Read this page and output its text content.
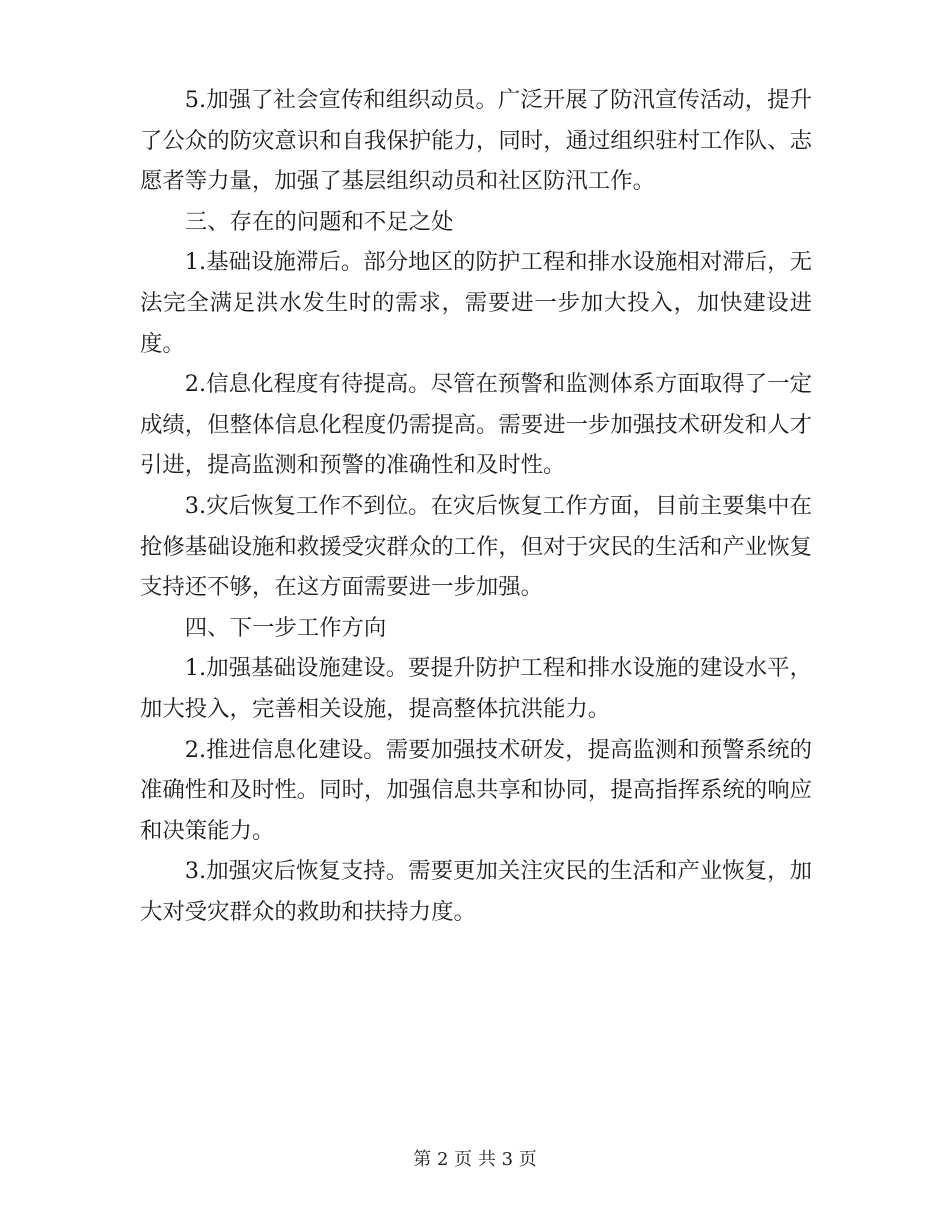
5.加强了社会宣传和组织动员。广泛开展了防汛宣传活动，提升了公众的防灾意识和自我保护能力，同时，通过组织驻村工作队、志愿者等力量，加强了基层组织动员和社区防汛工作。

三、存在的问题和不足之处

1.基础设施滞后。部分地区的防护工程和排水设施相对滞后，无法完全满足洪水发生时的需求，需要进一步加大投入，加快建设进度。

2.信息化程度有待提高。尽管在预警和监测体系方面取得了一定成绩，但整体信息化程度仍需提高。需要进一步加强技术研发和人才引进，提高监测和预警的准确性和及时性。

3.灾后恢复工作不到位。在灾后恢复工作方面，目前主要集中在抢修基础设施和救援受灾群众的工作，但对于灾民的生活和产业恢复支持还不够，在这方面需要进一步加强。

四、下一步工作方向

1.加强基础设施建设。要提升防护工程和排水设施的建设水平，加大投入，完善相关设施，提高整体抗洪能力。

2.推进信息化建设。需要加强技术研发，提高监测和预警系统的准确性和及时性。同时，加强信息共享和协同，提高指挥系统的响应和决策能力。

3.加强灾后恢复支持。需要更加关注灾民的生活和产业恢复，加大对受灾群众的救助和扶持力度。

第 2 页 共 3 页
